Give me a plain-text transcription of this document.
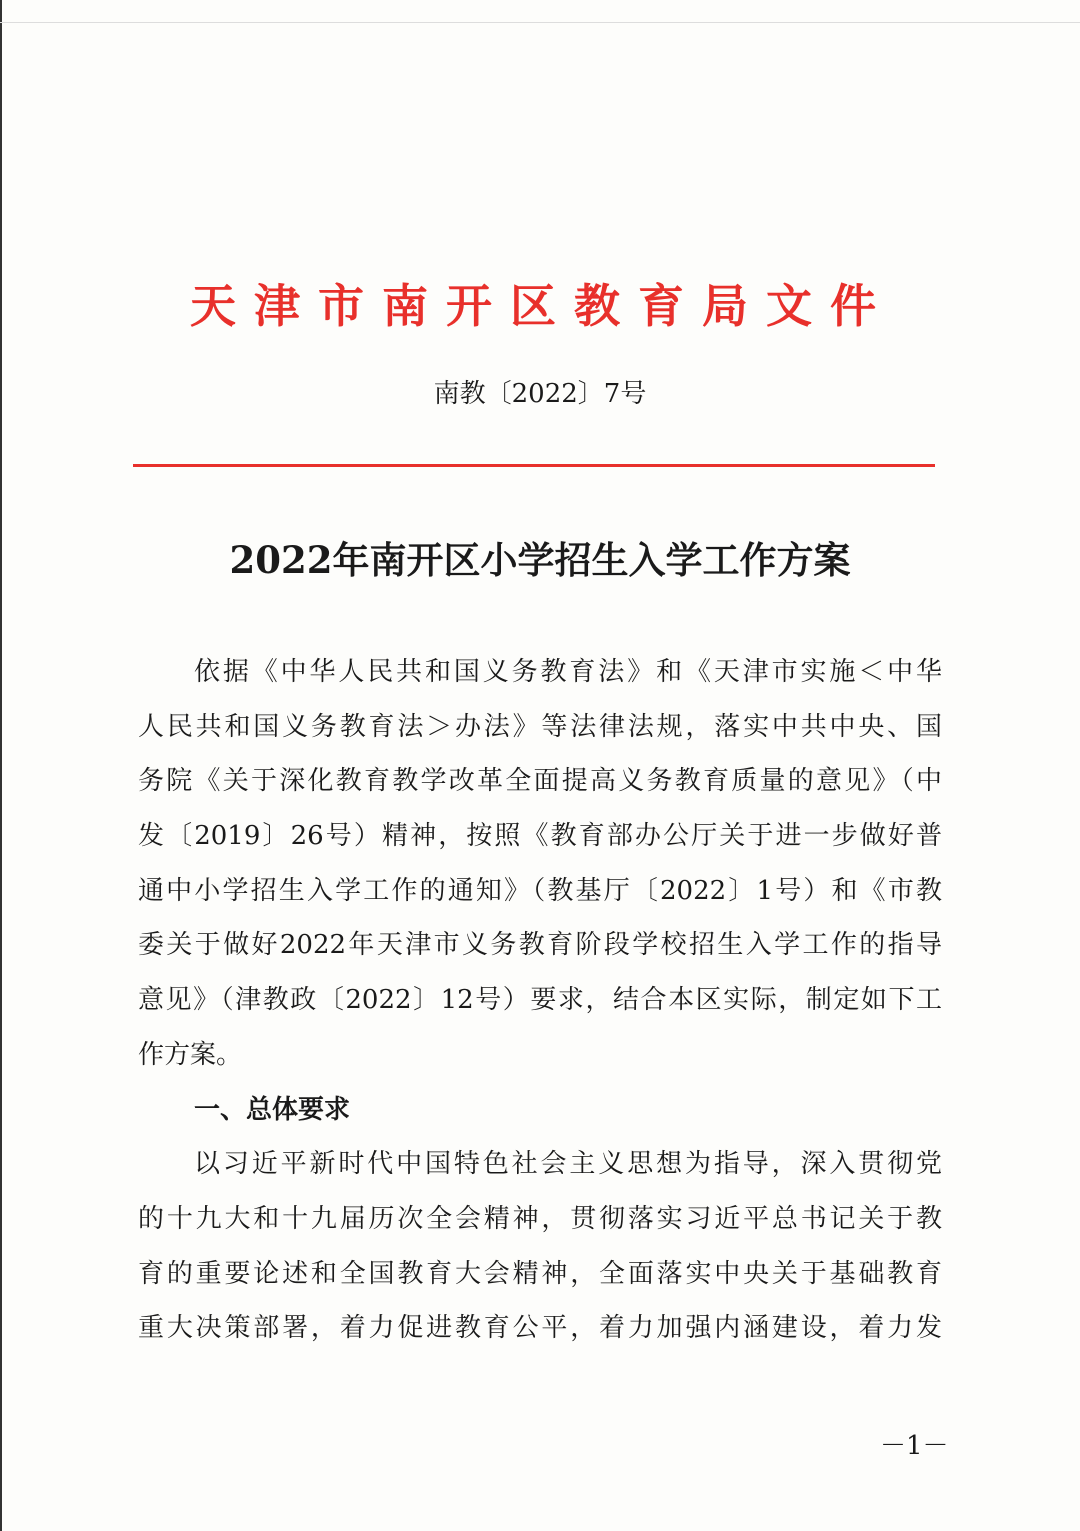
天津市南开区教育局文件
南教〔2022〕7号
2022年南开区小学招生入学工作方案
依据《中华人民共和国义务教育法》和《天津市实施＜中华
人民共和国义务教育法＞办法》等法律法规，落实中共中央、国
务院《关于深化教育教学改革全面提高义务教育质量的意见》（中
发〔2019〕26号）精神，按照《教育部办公厅关于进一步做好普
通中小学招生入学工作的通知》（教基厅〔2022〕1号）和《市教
委关于做好2022年天津市义务教育阶段学校招生入学工作的指导
意见》（津教政〔2022〕12号）要求，结合本区实际，制定如下工
作方案。
一、总体要求
以习近平新时代中国特色社会主义思想为指导，深入贯彻党
的十九大和十九届历次全会精神，贯彻落实习近平总书记关于教
育的重要论述和全国教育大会精神，全面落实中央关于基础教育
重大决策部署，着力促进教育公平，着力加强内涵建设，着力发
－1－
